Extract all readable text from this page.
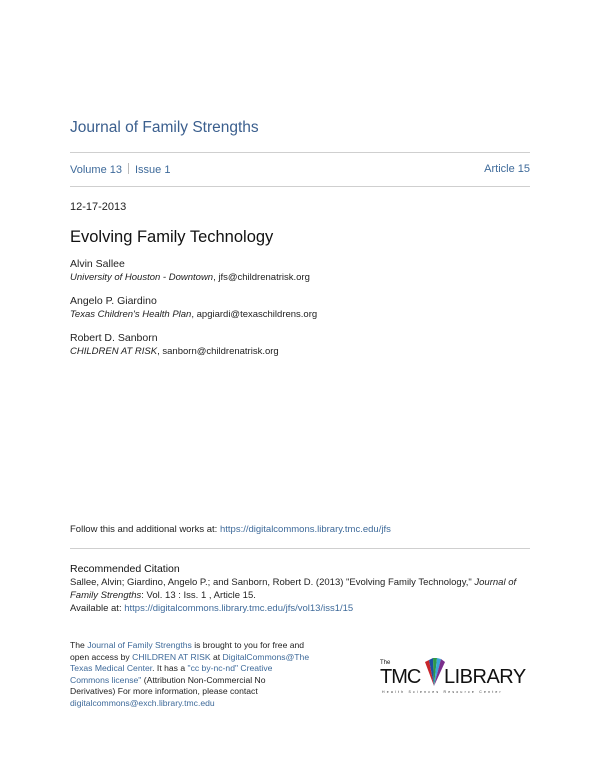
Journal of Family Strengths
Volume 13 Issue 1	Article 15
12-17-2013
Evolving Family Technology
Alvin Sallee
University of Houston - Downtown, jfs@childrenatrisk.org
Angelo P. Giardino
Texas Children's Health Plan, apgiardi@texaschildrens.org
Robert D. Sanborn
CHILDREN AT RISK, sanborn@childrenatrisk.org
Follow this and additional works at: https://digitalcommons.library.tmc.edu/jfs
Recommended Citation
Sallee, Alvin; Giardino, Angelo P.; and Sanborn, Robert D. (2013) "Evolving Family Technology," Journal of Family Strengths: Vol. 13 : Iss. 1 , Article 15.
Available at: https://digitalcommons.library.tmc.edu/jfs/vol13/iss1/15
The Journal of Family Strengths is brought to you for free and open access by CHILDREN AT RISK at DigitalCommons@The Texas Medical Center. It has a "cc by-nc-nd" Creative Commons license" (Attribution Non-Commercial No Derivatives) For more information, please contact digitalcommons@exch.library.tmc.edu
The
TMC LIBRARY
Health Sciences Resource Center
